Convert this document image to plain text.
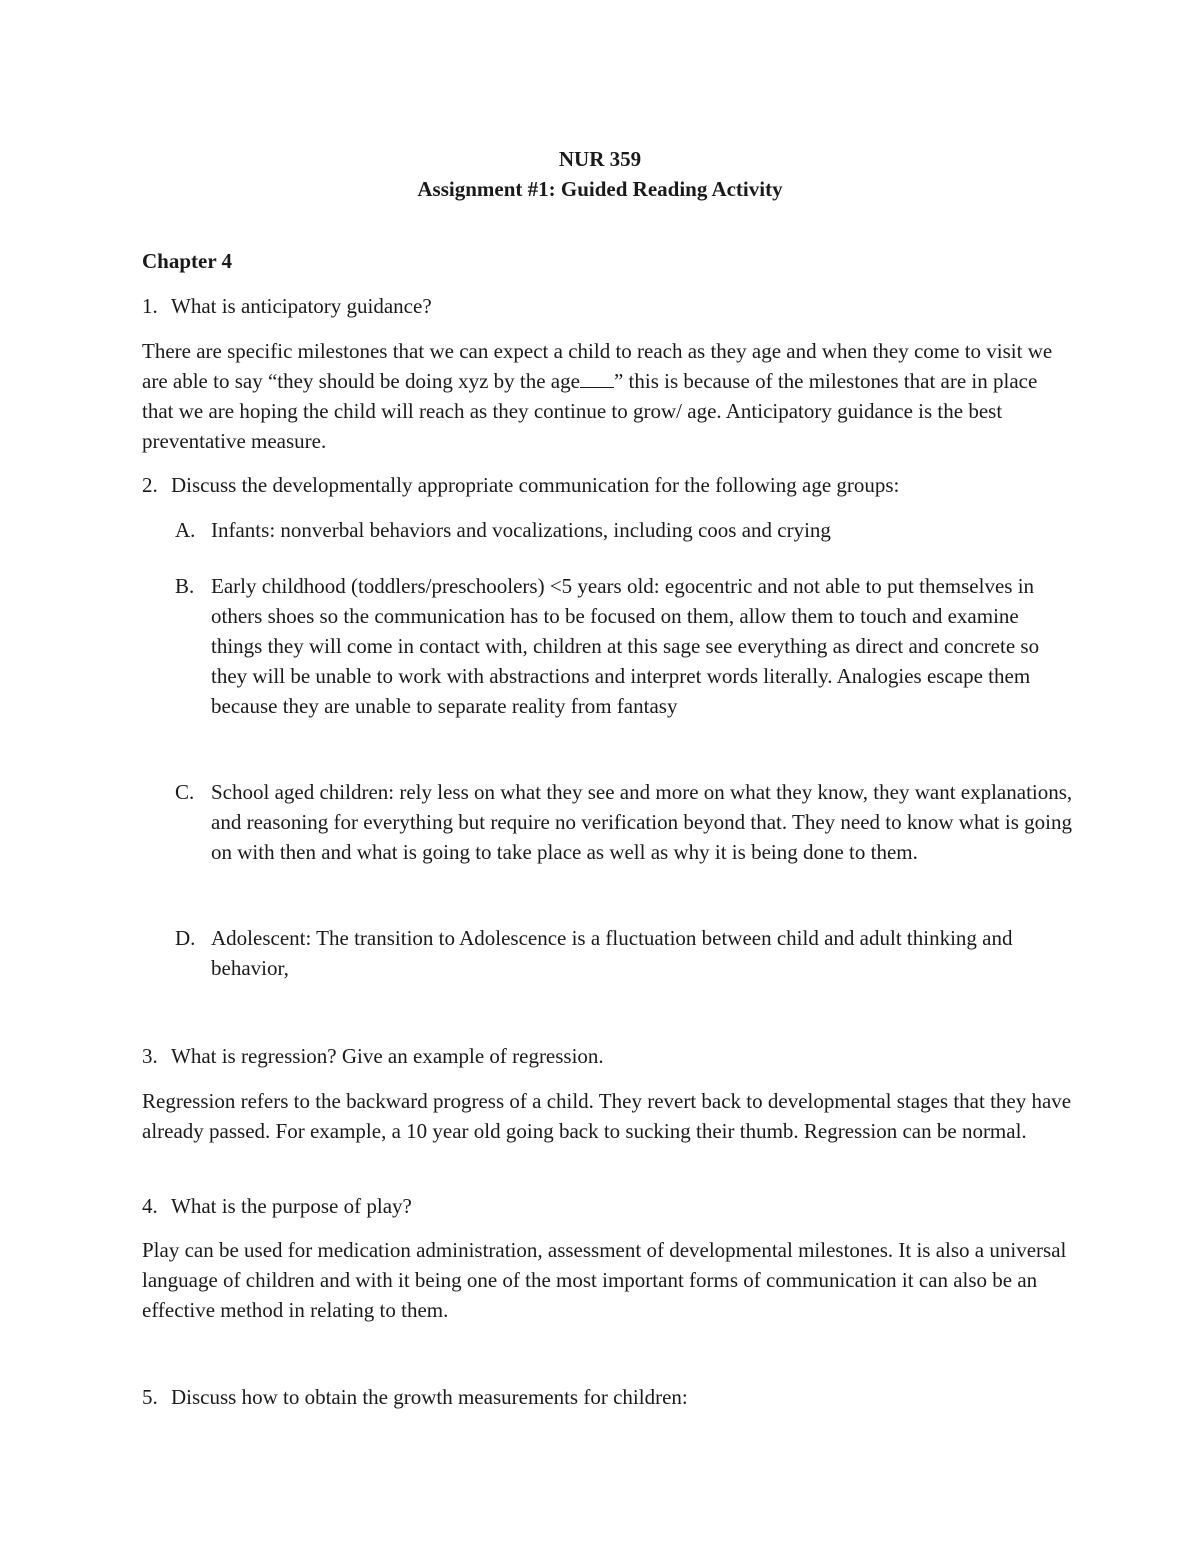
NUR 359
Assignment #1: Guided Reading Activity
Chapter 4
1. What is anticipatory guidance?
There are specific milestones that we can expect a child to reach as they age and when they come to visit we are able to say “they should be doing xyz by the age ” this is because of the milestones that are in place that we are hoping the child will reach as they continue to grow/ age. Anticipatory guidance is the best preventative measure.
2. Discuss the developmentally appropriate communication for the following age groups:
A. Infants: nonverbal behaviors and vocalizations, including coos and crying
B. Early childhood (toddlers/preschoolers) <5 years old: egocentric and not able to put themselves in others shoes so the communication has to be focused on them, allow them to touch and examine things they will come in contact with, children at this sage see everything as direct and concrete so they will be unable to work with abstractions and interpret words literally. Analogies escape them because they are unable to separate reality from fantasy
C. School aged children: rely less on what they see and more on what they know, they want explanations, and reasoning for everything but require no verification beyond that. They need to know what is going on with then and what is going to take place as well as why it is being done to them.
D. Adolescent: The transition to Adolescence is a fluctuation between child and adult thinking and behavior,
3. What is regression? Give an example of regression.
Regression refers to the backward progress of a child. They revert back to developmental stages that they have already passed. For example, a 10 year old going back to sucking their thumb. Regression can be normal.
4. What is the purpose of play?
Play can be used for medication administration, assessment of developmental milestones. It is also a universal language of children and with it being one of the most important forms of communication it can also be an effective method in relating to them.
5. Discuss how to obtain the growth measurements for children:
